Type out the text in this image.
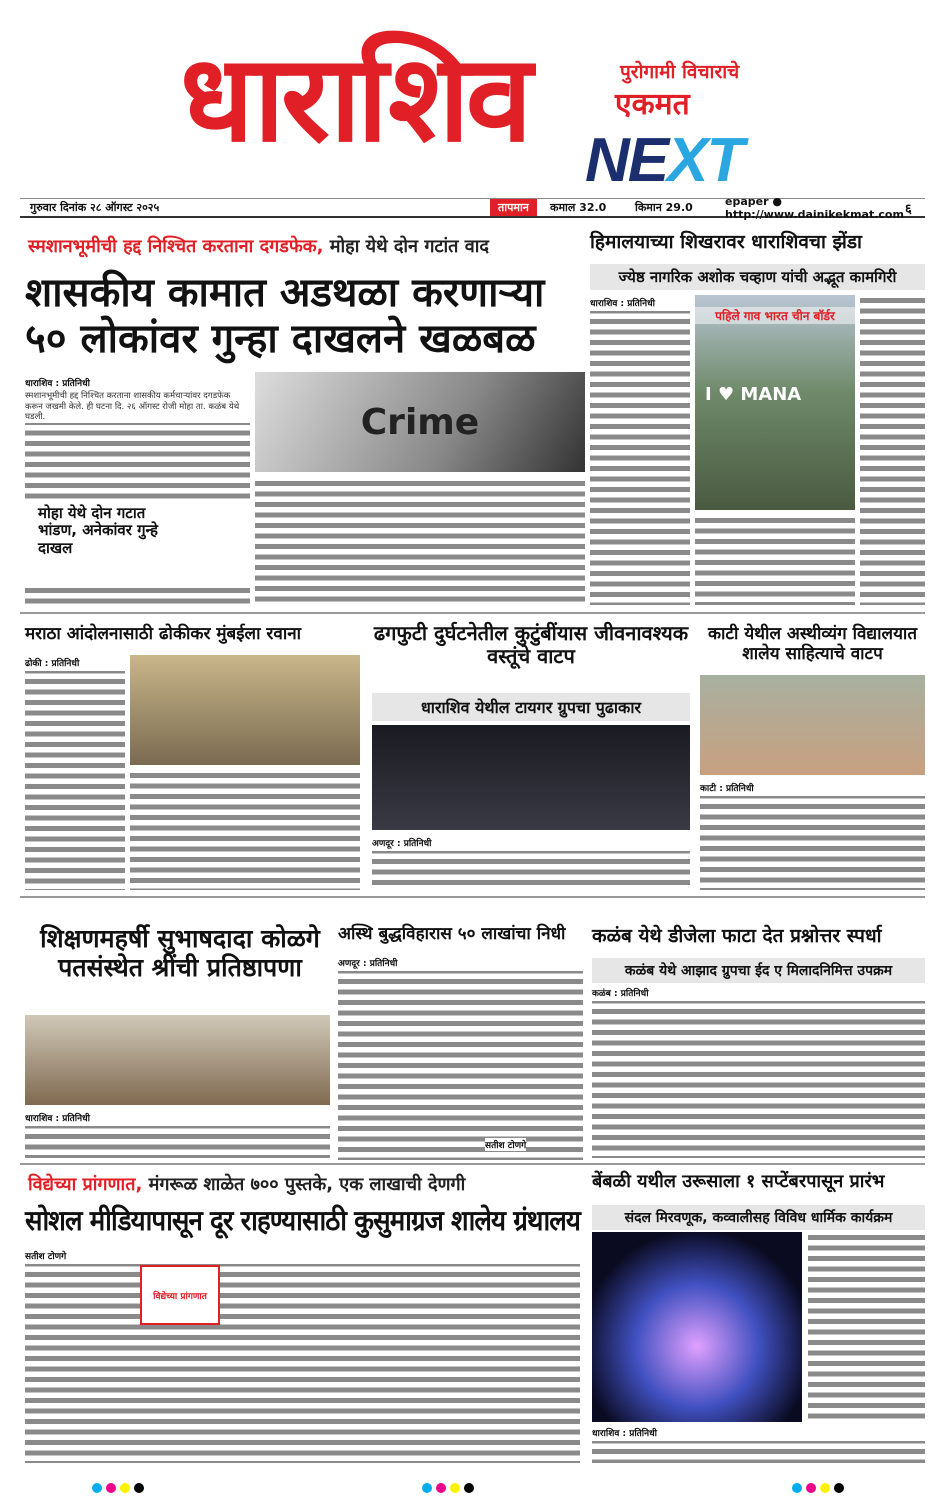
धाराशिव	पुरोगामी विचाराचे
एकमत
NEXT
गुरुवार दिनांक २८ ऑगस्ट २०२५	तापमान	कमाल 32.0	किमान 29.0	epaper ● http://www.dainikekmat.com ६
स्मशानभूमीची हद्द निश्चित करताना दगडफेक, मोहा येथे दोन गटांत वाद
शासकीय कामात अडथळा करणाऱ्या ५० लोकांवर गुन्हा दाखलने खळबळ
धाराशिव : प्रतिनिधी

स्मशानभूमीची हद्द निश्चित करताना शासकीय कर्मचाऱ्यांवर दगडफेक करून जखमी केले. ही घटना दि. २६ ऑगस्ट रोजी मोहा ता. कळंब येथे घडली.	Crime
मोहा येथे दोन गटात भांडण, अनेकांवर गुन्हे दाखल
हिमालयाच्या शिखरावर धाराशिवचा झेंडा
ज्येष्ठ नागरिक अशोक चव्हाण यांची अद्भूत कामगिरी
धाराशिव : प्रतिनिधी
पहिले गाव भारत चीन बॉर्डर
I ♥ MANA
मराठा आंदोलनासाठी ढोकीकर मुंबईला रवाना
ढोकी : प्रतिनिधी
ढगफुटी दुर्घटनेतील कुटुंबींयास जीवनावश्यक वस्तूंचे वाटप
धाराशिव येथील टायगर ग्रुपचा पुढाकार
अणदूर : प्रतिनिधी
काटी येथील अस्थीव्यंग विद्यालयात शालेय साहित्याचे वाटप
काटी : प्रतिनिधी
शिक्षणमहर्षी सुभाषदादा कोळगे पतसंस्थेत श्रींची प्रतिष्ठापणा
धाराशिव : प्रतिनिधी
अस्थि बुद्धविहारास ५० लाखांचा निधी
अणदूर : प्रतिनिधी
सतीश टोणगे
कळंब येथे डीजेला फाटा देत प्रश्नोत्तर स्पर्धा
कळंब येथे आझाद ग्रुपचा ईद ए मिलादनिमित्त उपक्रम
कळंब : प्रतिनिधी
विद्येच्या प्रांगणात, मंगरूळ शाळेत ७०० पुस्तके, एक लाखाची देणगी
सोशल मीडियापासून दूर राहण्यासाठी कुसुमाग्रज शालेय ग्रंथालय
सतीश टोणगे
विद्येच्या प्रांगणात
बेंबळी यथील उरूसाला १ सप्टेंबरपासून प्रारंभ
संदल मिरवणूक, कव्वालीसह विविध धार्मिक कार्यक्रम
धाराशिव : प्रतिनिधी
